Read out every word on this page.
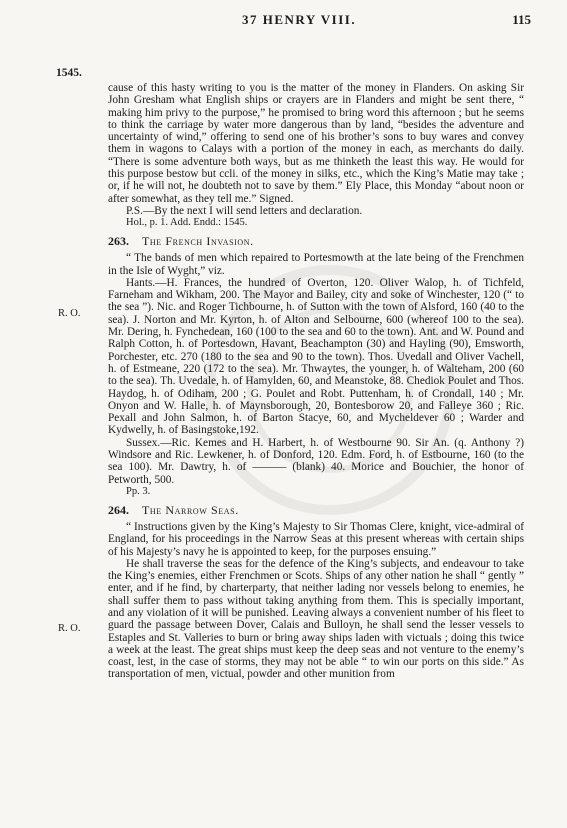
37 HENRY VIII.	115
1545.
R. O.
R. O.

cause of this hasty writing to you is the matter of the money in Flanders. On asking Sir John Gresham what English ships or crayers are in Flanders and might be sent there, “ making him privy to the purpose,” he promised to bring word this afternoon ; but he seems to think the carriage by water more dangerous than by land, “besides the adventure and uncertainty of wind,” offering to send one of his brother’s sons to buy wares and convey them in wagons to Calays with a portion of the money in each, as merchants do daily. “There is some adventure both ways, but as me thinketh the least this way. He would for this purpose bestow but ccli. of the money in silks, etc., which the King’s Matie may take ; or, if he will not, he doubteth not to save by them.” Ely Place, this Monday “about noon or after somewhat, as they tell me.” Signed.

P.S.—By the next I will send letters and declaration.

Hol., p. 1. Add. Endd.: 1545.

263. The French Invasion.

“ The bands of men which repaired to Portesmowth at the late being of the Frenchmen in the Isle of Wyght,” viz.

Hants.—H. Frances, the hundred of Overton, 120. Oliver Walop, h. of Tichfeld, Farneham and Wikham, 200. The Mayor and Bailey, city and soke of Winchester, 120 (“ to the sea ”). Nic. and Roger Tichbourne, h. of Sutton with the town of Alsford, 160 (40 to the sea). J. Norton and Mr. Kyrton, h. of Alton and Selbourne, 600 (whereof 100 to the sea). Mr. Dering, h. Fynchedean, 160 (100 to the sea and 60 to the town). Ant. and W. Pound and Ralph Cotton, h. of Portesdown, Havant, Beachampton (30) and Hayling (90), Emsworth, Porchester, etc. 270 (180 to the sea and 90 to the town). Thos. Uvedall and Oliver Vachell, h. of Estmeane, 220 (172 to the sea). Mr. Thwaytes, the younger, h. of Walteham, 200 (60 to the sea). Th. Uvedale, h. of Hamylden, 60, and Meanstoke, 88. Chediok Poulet and Thos. Haydog, h. of Odiham, 200 ; G. Poulet and Robt. Puttenham, h. of Crondall, 140 ; Mr. Onyon and W. Halle, h. of Maynsborough, 20, Bontesborow 20, and Falleye 360 ; Ric. Pexall and John Salmon, h. of Barton Stacye, 60, and Mycheldever 60 ; Warder and Kydwelly, h. of Basingstoke,192.

Sussex.—Ric. Kemes and H. Harbert, h. of Westbourne 90. Sir An. (q. Anthony ?) Windsore and Ric. Lewkener, h. of Donford, 120. Edm. Ford, h. of Estbourne, 160 (to the sea 100). Mr. Dawtry, h. of ——— (blank) 40. Morice and Bouchier, the honor of Petworth, 500.

Pp. 3.

264. The Narrow Seas.

“ Instructions given by the King’s Majesty to Sir Thomas Clere, knight, vice-admiral of England, for his proceedings in the Narrow Seas at this present whereas with certain ships of his Majesty’s navy he is appointed to keep, for the purposes ensuing.”

He shall traverse the seas for the defence of the King’s subjects, and endeavour to take the King’s enemies, either Frenchmen or Scots. Ships of any other nation he shall “ gently ” enter, and if he find, by charterparty, that neither lading nor vessels belong to enemies, he shall suffer them to pass without taking anything from them. This is specially important, and any violation of it will be punished. Leaving always a convenient number of his fleet to guard the passage between Dover, Calais and Bulloyn, he shall send the lesser vessels to Estaples and St. Valleries to burn or bring away ships laden with victuals ; doing this twice a week at the least. The great ships must keep the deep seas and not venture to the enemy’s coast, lest, in the case of storms, they may not be able “ to win our ports on this side.” As transportation of men, victual, powder and other munition from
